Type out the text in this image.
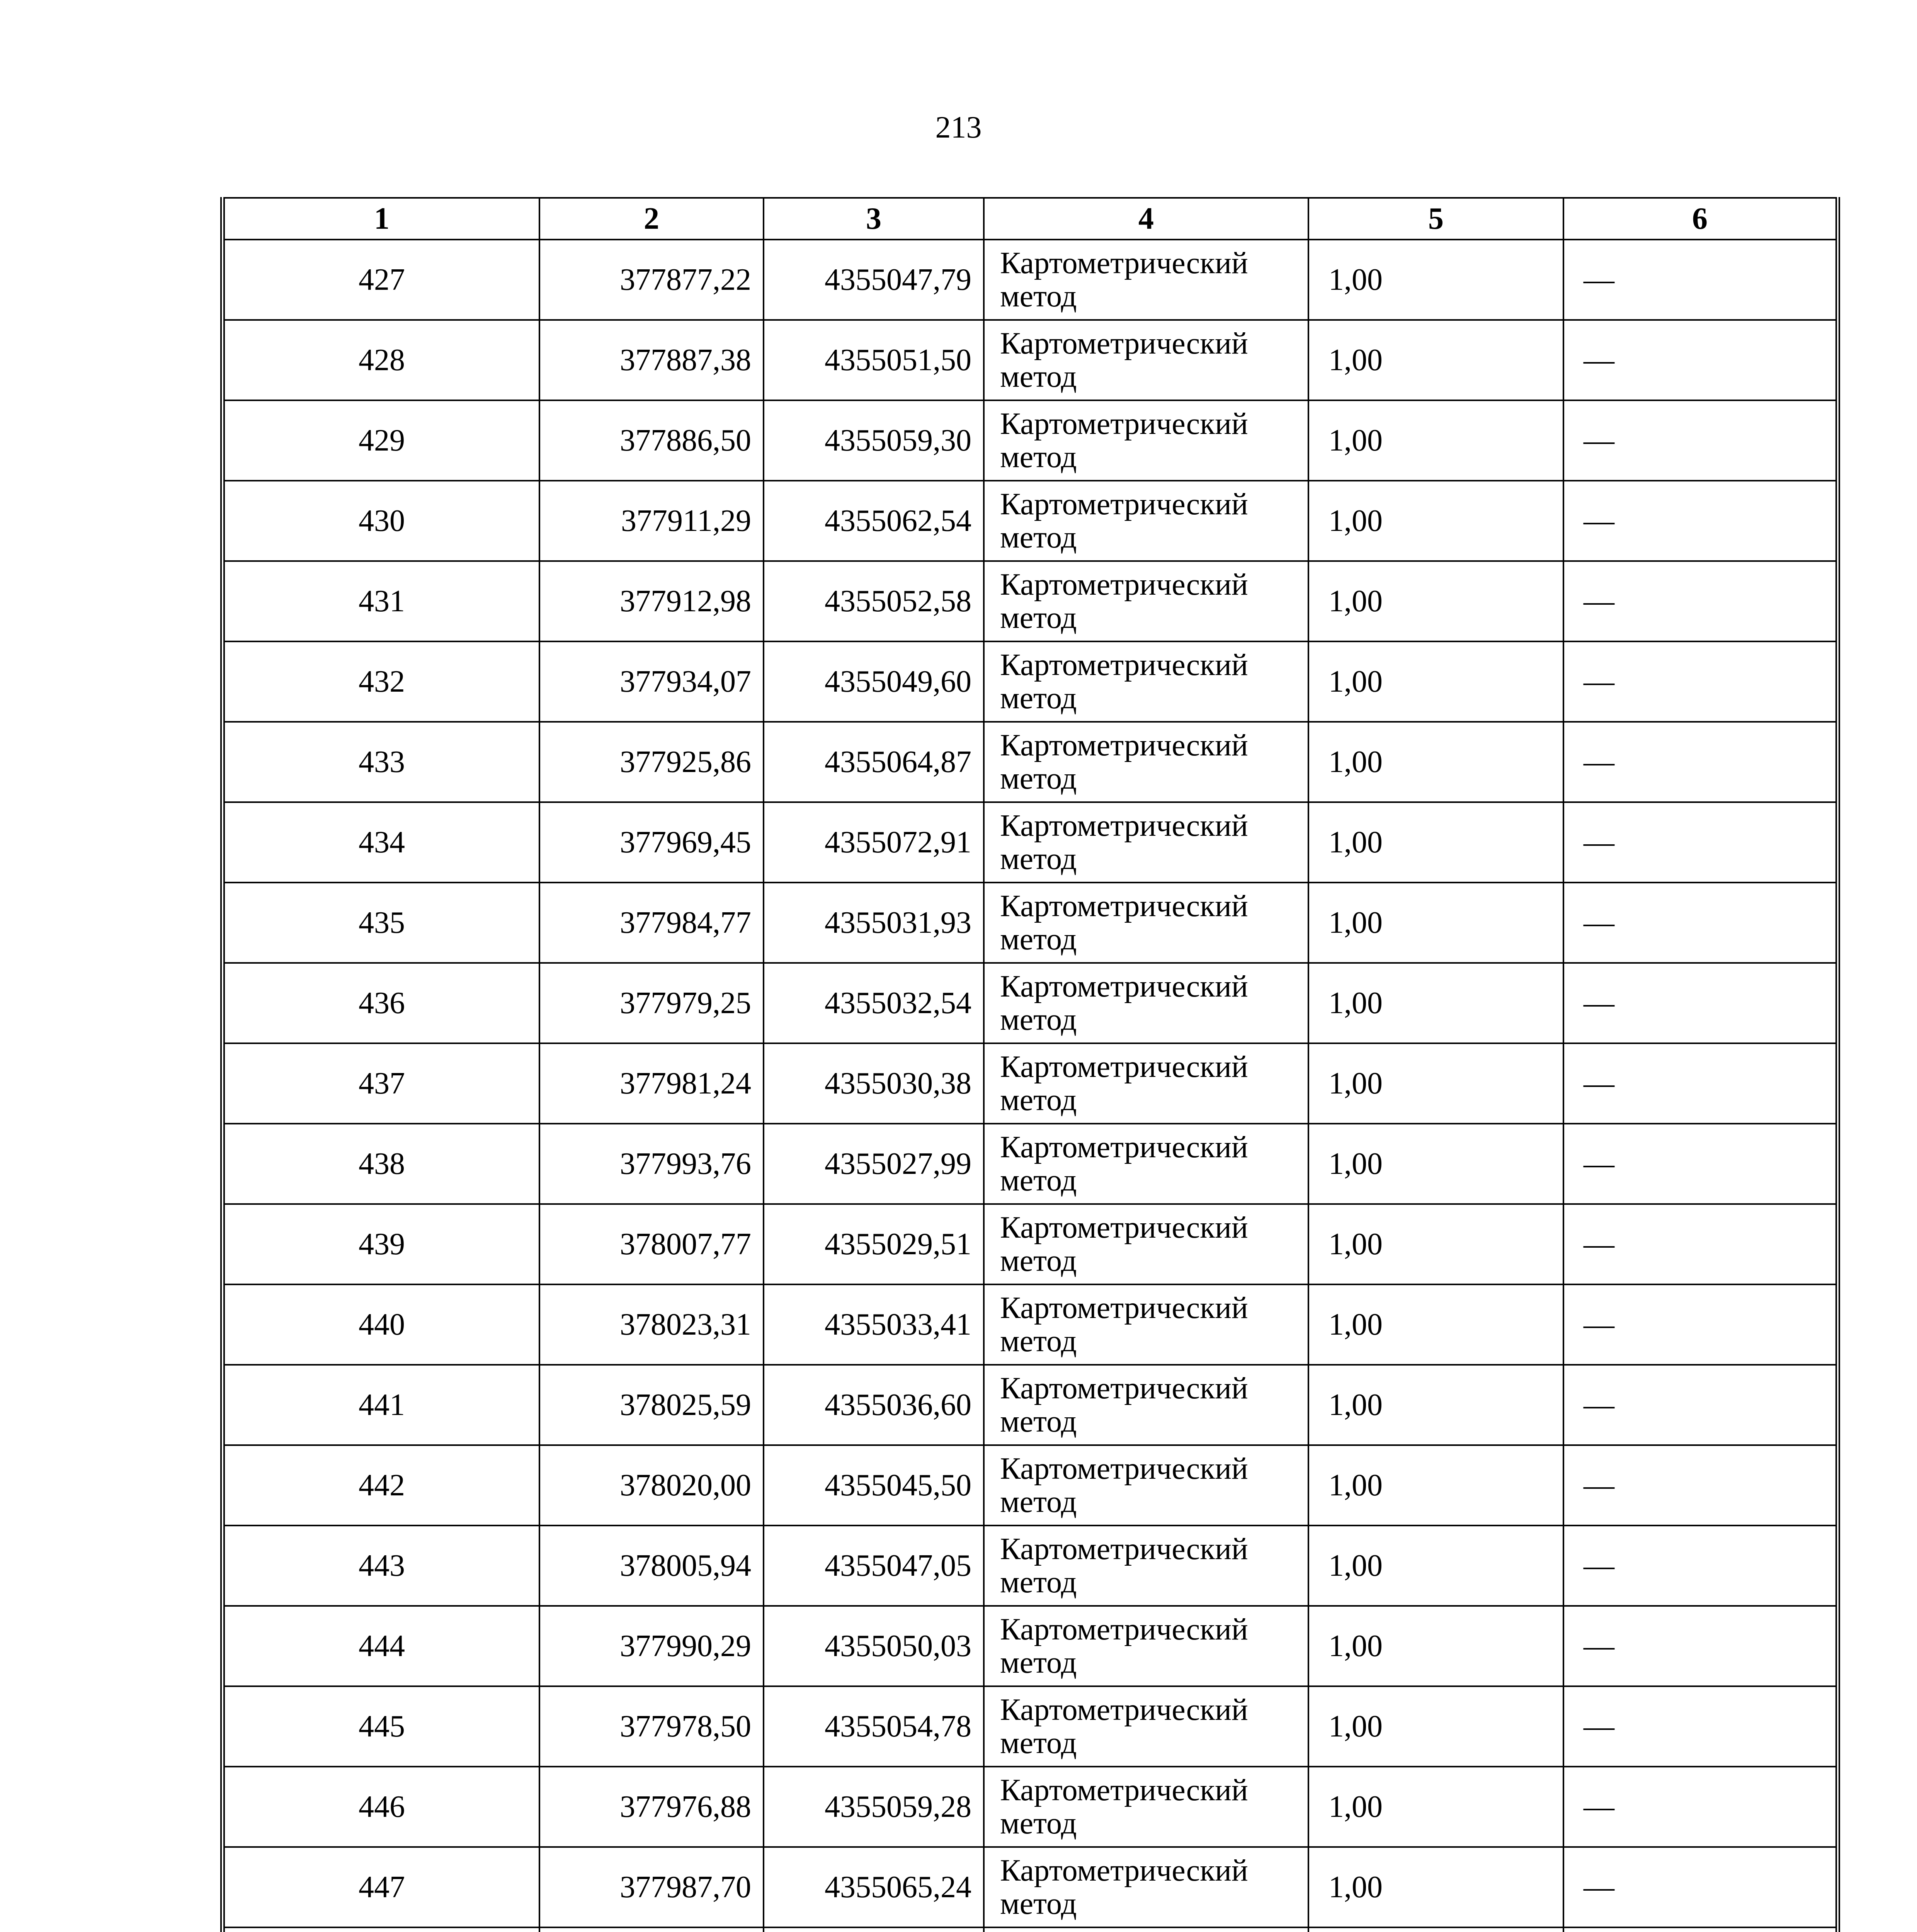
213
1	2	3	4	5	6
427	377877,22	4355047,79	Картометрический метод	1,00	—
428	377887,38	4355051,50	Картометрический метод	1,00	—
429	377886,50	4355059,30	Картометрический метод	1,00	—
430	377911,29	4355062,54	Картометрический метод	1,00	—
431	377912,98	4355052,58	Картометрический метод	1,00	—
432	377934,07	4355049,60	Картометрический метод	1,00	—
433	377925,86	4355064,87	Картометрический метод	1,00	—
434	377969,45	4355072,91	Картометрический метод	1,00	—
435	377984,77	4355031,93	Картометрический метод	1,00	—
436	377979,25	4355032,54	Картометрический метод	1,00	—
437	377981,24	4355030,38	Картометрический метод	1,00	—
438	377993,76	4355027,99	Картометрический метод	1,00	—
439	378007,77	4355029,51	Картометрический метод	1,00	—
440	378023,31	4355033,41	Картометрический метод	1,00	—
441	378025,59	4355036,60	Картометрический метод	1,00	—
442	378020,00	4355045,50	Картометрический метод	1,00	—
443	378005,94	4355047,05	Картометрический метод	1,00	—
444	377990,29	4355050,03	Картометрический метод	1,00	—
445	377978,50	4355054,78	Картометрический метод	1,00	—
446	377976,88	4355059,28	Картометрический метод	1,00	—
447	377987,70	4355065,24	Картометрический метод	1,00	—
